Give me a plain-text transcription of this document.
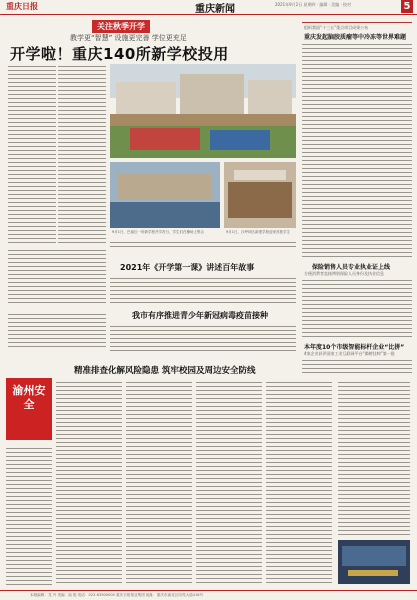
重庆日报	重庆新闻	2021年9月2日 星期四 · 编辑 · 美编 · 校对	5
关注秋季开学
教学更“智慧” 设施更完善 学位更充足
开学啦！重庆140所新学校投用
9月1日，巴南区一所新学校开学首日，学生们在操场上集合	9月1日，沙坪坝区新建学校迎来首批学生
2021年《开学第一课》讲述百年故事
我市有序推进青少年新冠病毒疫苗接种
精准排查化解风险隐患 筑牢校园及周边安全防线
渝州安全
组织我国“十三五”重点项目成果公布
重庆发起脑胶质瘤等中冷冻等世界难题
保险销售人员专业执业证上线
方便消费者直接辨别保险人员身份及执业信息
本年度10个市级智能标杆企业“比拼”
4家企业获评国家工业互联网平台“揭榜挂帅”第一批
本版编辑：龙 丹 美编：曲 艳 电话：023-63900000 重庆日报报业集团 地址：重庆市渝北区同茂大道416号
